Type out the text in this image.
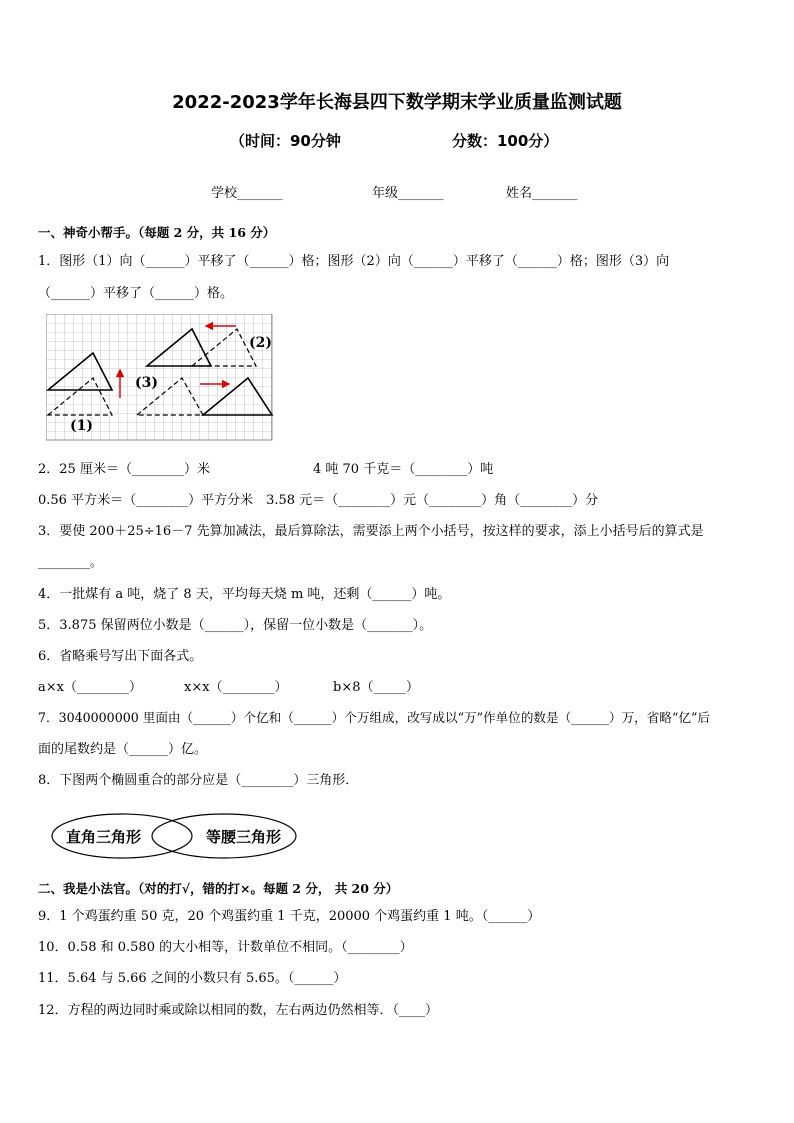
2022-2023学年长海县四下数学期末学业质量监测试题
（时间：90分钟	分数：100分）
学校_______	年级_______	姓名_______
一、神奇小帮手。（每题 2 分，共 16 分）
1．图形（1）向（______）平移了（______）格；图形（2）向（______）平移了（______）格；图形（3）向
（______）平移了（______）格。
(1)
(2)
(3)
2．25 厘米＝（________）米	4 吨 70 千克＝（________）吨
0.56 平方米＝（________）平方分米　3.58 元＝（________）元（________）角（________）分
3．要使 200＋25÷16－7 先算加减法，最后算除法，需要添上两个小括号，按这样的要求，添上小括号后的算式是
________。
4．一批煤有 a 吨，烧了 8 天，平均每天烧 m 吨，还剩（______）吨。
5．3.875 保留两位小数是（______），保留一位小数是（_______）。
6．省略乘号写出下面各式。
a×x（________）	x×x（________）	b×8（_____）
7．3040000000 里面由（______）个亿和（______）个万组成，改写成以“万”作单位的数是（______）万，省略“亿”后
面的尾数约是（______）亿。
8．下图两个椭圆重合的部分应是（________）三角形．
直角三角形	等腰三角形
二、我是小法官。（对的打√，错的打×。每题 2 分， 共 20 分）
9．1 个鸡蛋约重 50 克，20 个鸡蛋约重 1 千克，20000 个鸡蛋约重 1 吨。（______）
10．0.58 和 0.580 的大小相等，计数单位不相同。（________）
11．5.64 与 5.66 之间的小数只有 5.65。（______）
12．方程的两边同时乘或除以相同的数，左右两边仍然相等．（____）
